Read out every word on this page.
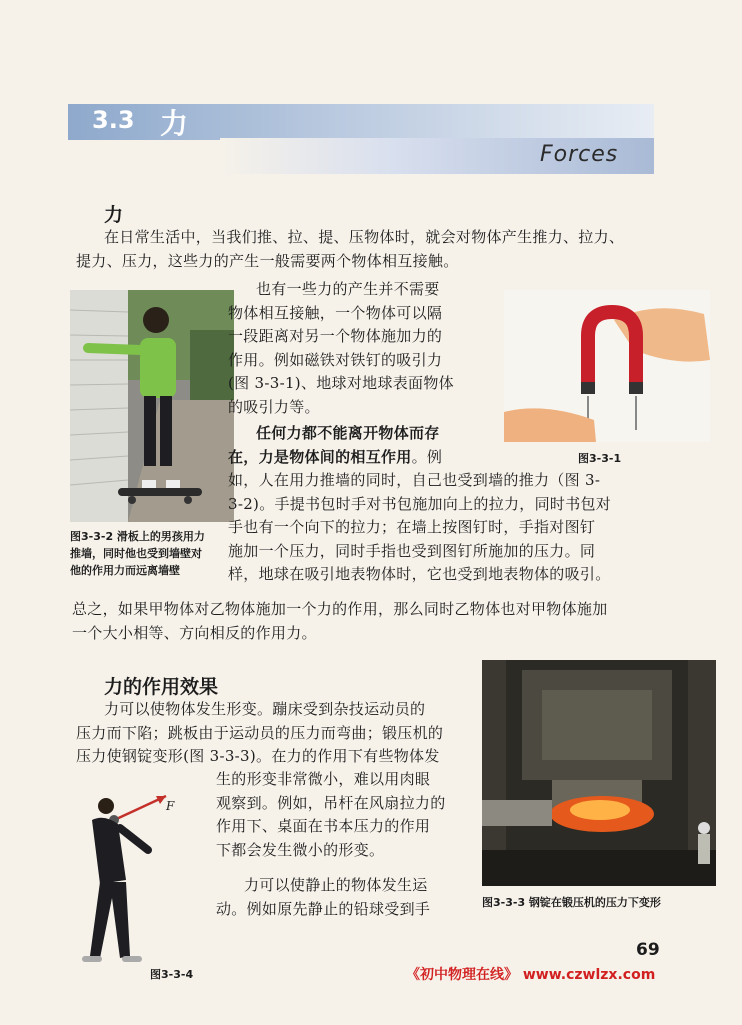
3.3 力
Forces
力
在日常生活中，当我们推、拉、提、压物体时，就会对物体产生推力、拉力、
提力、压力，这些力的产生一般需要两个物体相互接触。
图3-3-2 滑板上的男孩用力
推墙，同时他也受到墙壁对
他的作用力而远离墙壁
也有一些力的产生并不需要
物体相互接触，一个物体可以隔
一段距离对另一个物体施加力的
作用。例如磁铁对铁钉的吸引力
(图 3-3-1)、地球对地球表面物体
的吸引力等。
图3-3-1
任何力都不能离开物体而存
在，力是物体间的相互作用。例
如，人在用力推墙的同时，自己也受到墙的推力（图 3-
3-2)。手提书包时手对书包施加向上的拉力，同时书包对
手也有一个向下的拉力；在墙上按图钉时，手指对图钉
施加一个压力，同时手指也受到图钉所施加的压力。同
样，地球在吸引地表物体时，它也受到地表物体的吸引。
总之，如果甲物体对乙物体施加一个力的作用，那么同时乙物体也对甲物体施加
一个大小相等、方向相反的作用力。
力的作用效果
力可以使物体发生形变。蹦床受到杂技运动员的
压力而下陷；跳板由于运动员的压力而弯曲；锻压机的
压力使钢锭变形(图 3-3-3)。在力的作用下有些物体发
生的形变非常微小，难以用肉眼
观察到。例如，吊杆在风扇拉力的
作用下、桌面在书本压力的作用
下都会发生微小的形变。
力可以使静止的物体发生运
动。例如原先静止的铅球受到手	图3-3-3 钢锭在锻压机的压力下变形
F
图3-3-4
69
《初中物理在线》 www.czwlzx.com
